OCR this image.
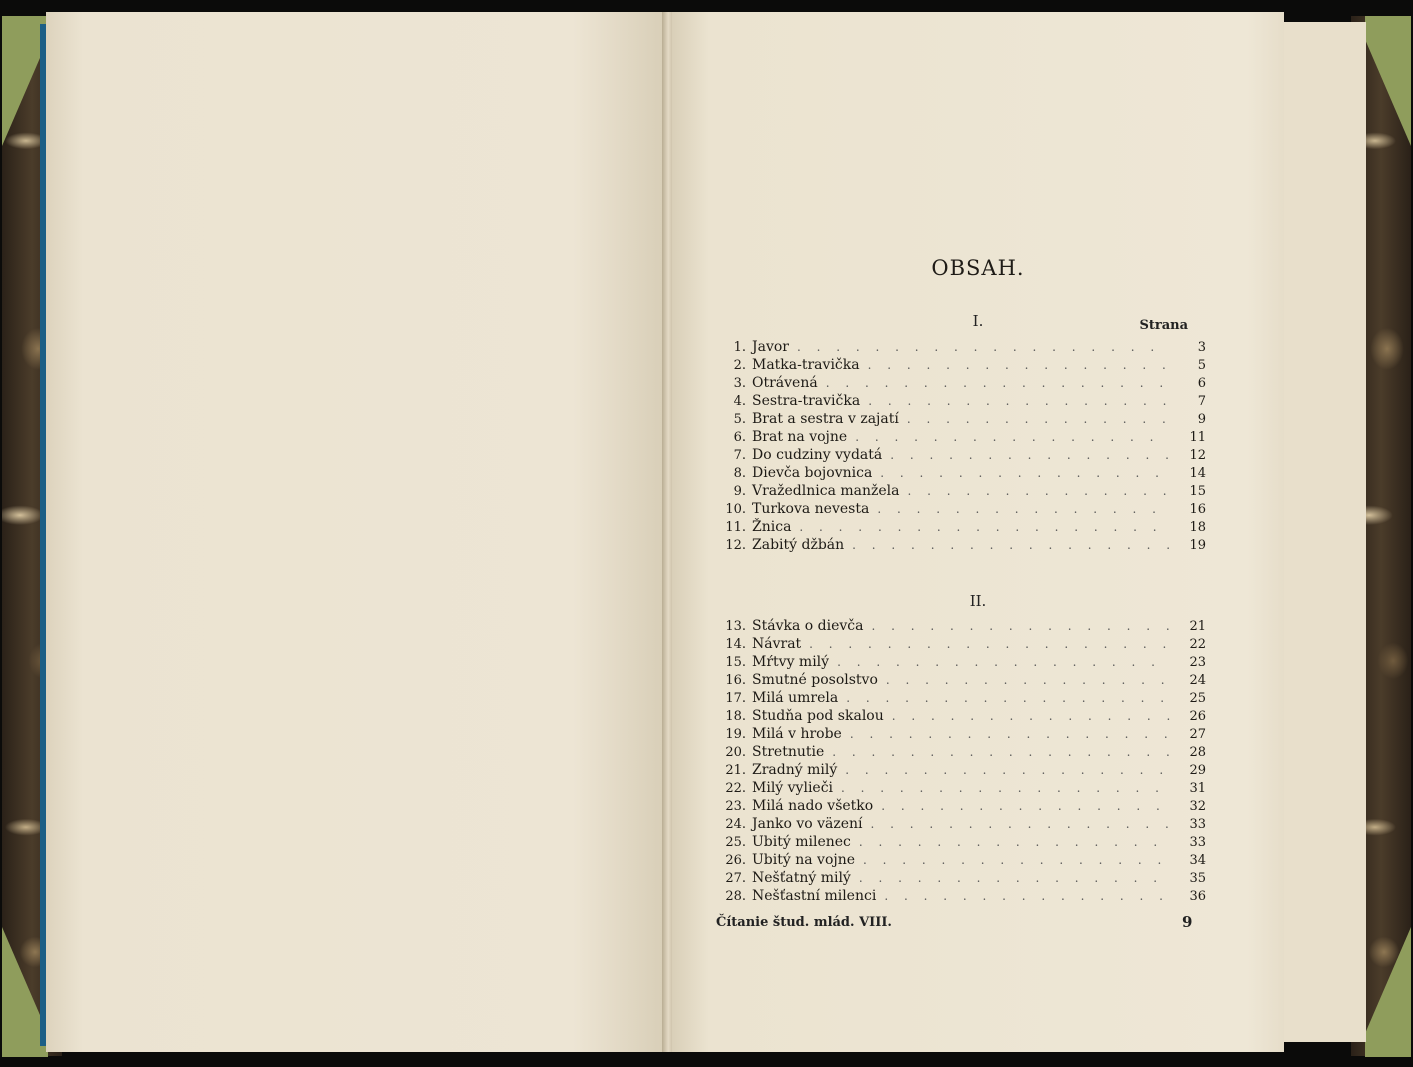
OBSAH.
I.	Strana
1. Javor . . .	3
2. Matka-travička . . .	5
3. Otrávená . . .	6
4. Sestra-travička . . .	7
5. Brat a sestra v zajatí . . .	9
6. Brat na vojne . . .	11
7. Do cudziny vydatá . . .	12
8. Dievča bojovnica . . .	14
9. Vražedlnica manžela . . .	15
10. Turkova nevesta . . .	16
11. Žnica . . .	18
12. Zabitý džbán . . .	19
II.
13. Stávka o dievča . . .	21
14. Návrat . . .	22
15. Mŕtvy milý . . .	23
16. Smutné posolstvo . . .	24
17. Milá umrela . . .	25
18. Studňa pod skalou . . .	26
19. Milá v hrobe . . .	27
20. Stretnutie . . .	28
21. Zradný milý . . .	29
22. Milý vylieči . . .	31
23. Milá nado všetko . . .	32
24. Janko vo väzení . . .	33
25. Ubitý milenec . . .	33
26. Ubitý na vojne . . .	34
27. Nešťatný milý . . .	35
28. Nešťastní milenci . . .	36
Čítanie štud. mlád. VIII.	9
